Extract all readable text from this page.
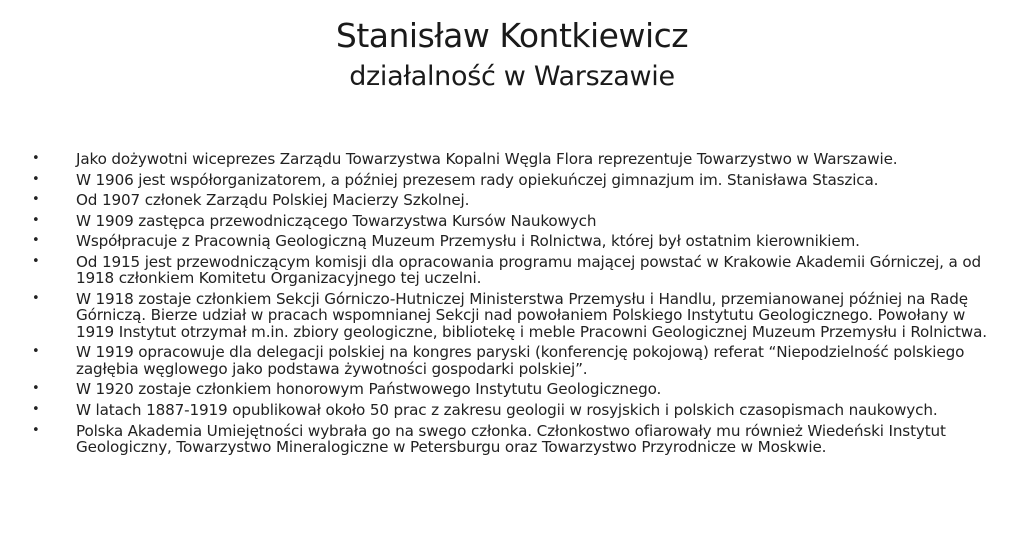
Stanisław Kontkiewicz
działalność w Warszawie
• Jako dożywotni wiceprezes Zarządu Towarzystwa Kopalni Węgla Flora reprezentuje Towarzystwo w Warszawie.
• W 1906 jest współorganizatorem, a później prezesem rady opiekuńczej gimnazjum im. Stanisława Staszica.
• Od 1907 członek Zarządu Polskiej Macierzy Szkolnej.
• W 1909 zastępca przewodniczącego Towarzystwa Kursów Naukowych
• Współpracuje z Pracownią Geologiczną Muzeum Przemysłu i Rolnictwa, której był ostatnim kierownikiem.
• Od 1915 jest przewodniczącym komisji dla opracowania programu mającej powstać w Krakowie Akademii Górniczej, a od 1918 członkiem Komitetu Organizacyjnego tej uczelni.
• W 1918 zostaje członkiem Sekcji Górniczo-Hutniczej Ministerstwa Przemysłu i Handlu, przemianowanej później na Radę Górniczą. Bierze udział w pracach wspomnianej Sekcji nad powołaniem Polskiego Instytutu Geologicznego. Powołany w 1919 Instytut otrzymał m.in. zbiory geologiczne, bibliotekę i meble Pracowni Geologicznej Muzeum Przemysłu i Rolnictwa.
• W 1919 opracowuje dla delegacji polskiej na kongres paryski (konferencję pokojową) referat “Niepodzielność polskiego zagłębia węglowego jako podstawa żywotności gospodarki polskiej”.
• W 1920 zostaje członkiem honorowym Państwowego Instytutu Geologicznego.
• W latach 1887-1919 opublikował około 50 prac z zakresu geologii w rosyjskich i polskich czasopismach naukowych.
• Polska Akademia Umiejętności wybrała go na swego członka. Członkostwo ofiarowały mu również Wiedeński Instytut Geologiczny, Towarzystwo Mineralogiczne w Petersburgu oraz Towarzystwo Przyrodnicze w Moskwie.
